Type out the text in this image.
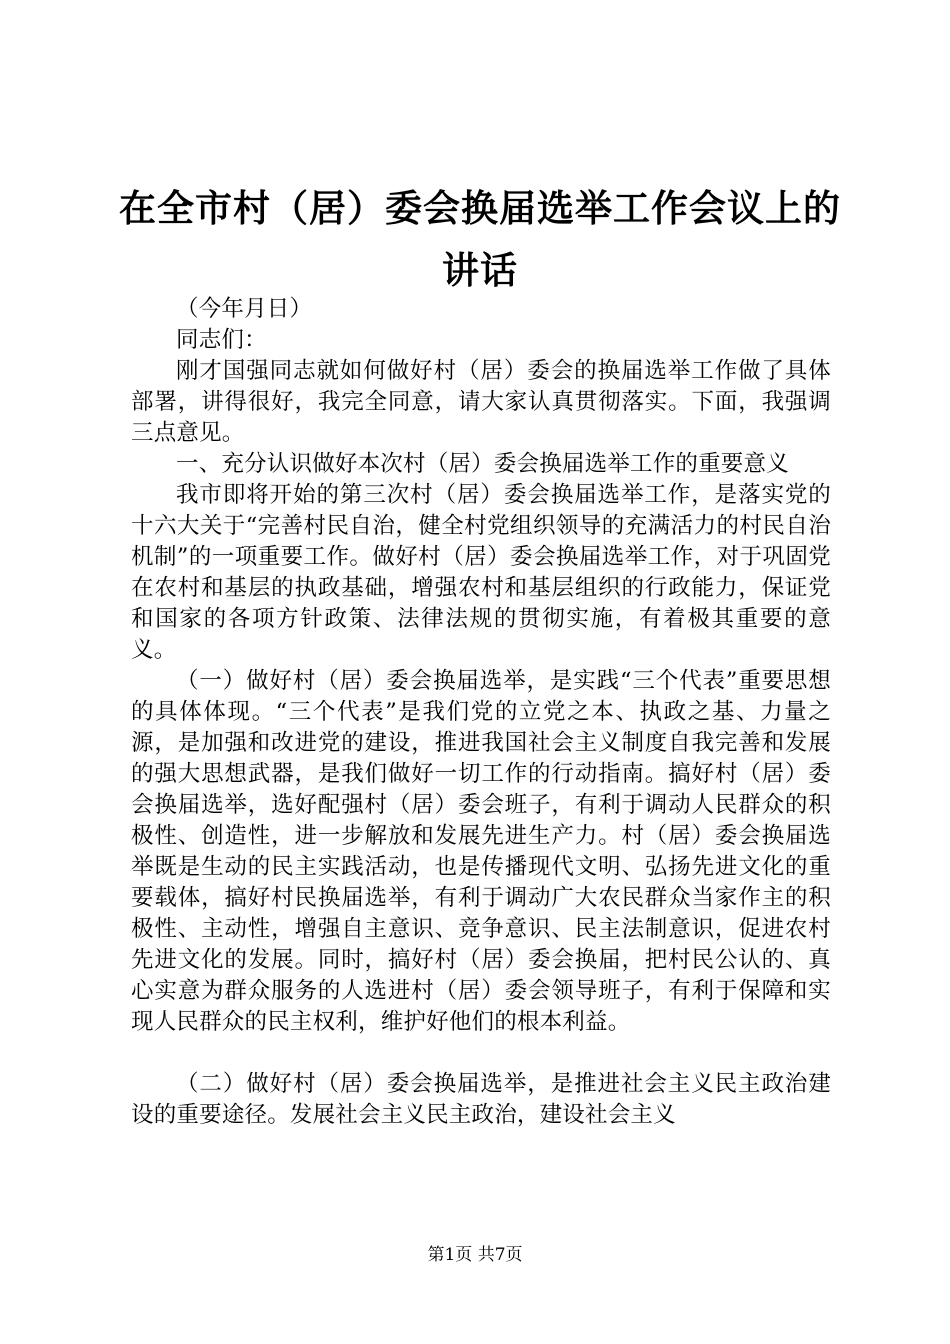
在全市村（居）委会换届选举工作会议上的讲话

（今年月日）

同志们：

刚才国强同志就如何做好村（居）委会的换届选举工作做了具体部署，讲得很好，我完全同意，请大家认真贯彻落实。下面，我强调三点意见。

一、充分认识做好本次村（居）委会换届选举工作的重要意义

我市即将开始的第三次村（居）委会换届选举工作，是落实党的十六大关于“完善村民自治，健全村党组织领导的充满活力的村民自治机制”的一项重要工作。做好村（居）委会换届选举工作，对于巩固党在农村和基层的执政基础，增强农村和基层组织的行政能力，保证党和国家的各项方针政策、法律法规的贯彻实施，有着极其重要的意义。

（一）做好村（居）委会换届选举，是实践“三个代表”重要思想的具体体现。“三个代表”是我们党的立党之本、执政之基、力量之源，是加强和改进党的建设，推进我国社会主义制度自我完善和发展的强大思想武器，是我们做好一切工作的行动指南。搞好村（居）委会换届选举，选好配强村（居）委会班子，有利于调动人民群众的积极性、创造性，进一步解放和发展先进生产力。村（居）委会换届选举既是生动的民主实践活动，也是传播现代文明、弘扬先进文化的重要载体，搞好村民换届选举，有利于调动广大农民群众当家作主的积极性、主动性，增强自主意识、竞争意识、民主法制意识，促进农村先进文化的发展。同时，搞好村（居）委会换届，把村民公认的、真心实意为群众服务的人选进村（居）委会领导班子，有利于保障和实现人民群众的民主权利，维护好他们的根本利益。

（二）做好村（居）委会换届选举，是推进社会主义民主政治建设的重要途径。发展社会主义民主政治，建设社会主义

第1页 共7页
